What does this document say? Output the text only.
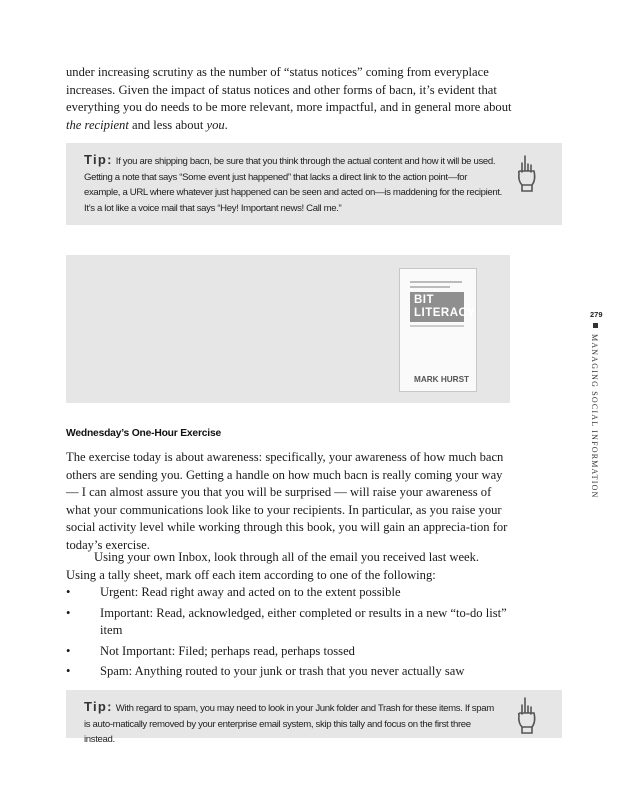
under increasing scrutiny as the number of “status notices” coming from everyplace increases. Given the impact of status notices and other forms of bacn, it’s evident that everything you do needs to be more relevant, more impactful, and in general more about the recipient and less about you.

Tip: If you are shipping bacn, be sure that you think through the actual content and how it will be used. Getting a note that says “Some event just happened” that lacks a direct link to the action point—for example, a URL where whatever just happened can be seen and acted on—is maddening for the recipient. It’s a lot like a voice mail that says “Hey! Important news! Call me.”
BIT
LITERACY
MARK HURST
Wednesday’s One-Hour Exercise

The exercise today is about awareness: specifically, your awareness of how much bacn others are sending you. Getting a handle on how much bacn is really coming your way — I can almost assure you that you will be surprised — will raise your awareness of what your communications look like to your recipients. In particular, as you raise your social activity level while working through this book, you will gain an apprecia-tion for today’s exercise.

Using your own Inbox, look through all of the email you received last week. Using a tally sheet, mark off each item according to one of the following:

• Urgent: Read right away and acted on to the extent possible
• Important: Read, acknowledged, either completed or results in a new “to-do list” item
• Not Important: Filed; perhaps read, perhaps tossed
• Spam: Anything routed to your junk or trash that you never actually saw
Tip: With regard to spam, you may need to look in your Junk folder and Trash for these items. If spam is auto-matically removed by your enterprise email system, skip this tally and focus on the first three instead.
279
MANAGING SOCIAL INFORMATION
